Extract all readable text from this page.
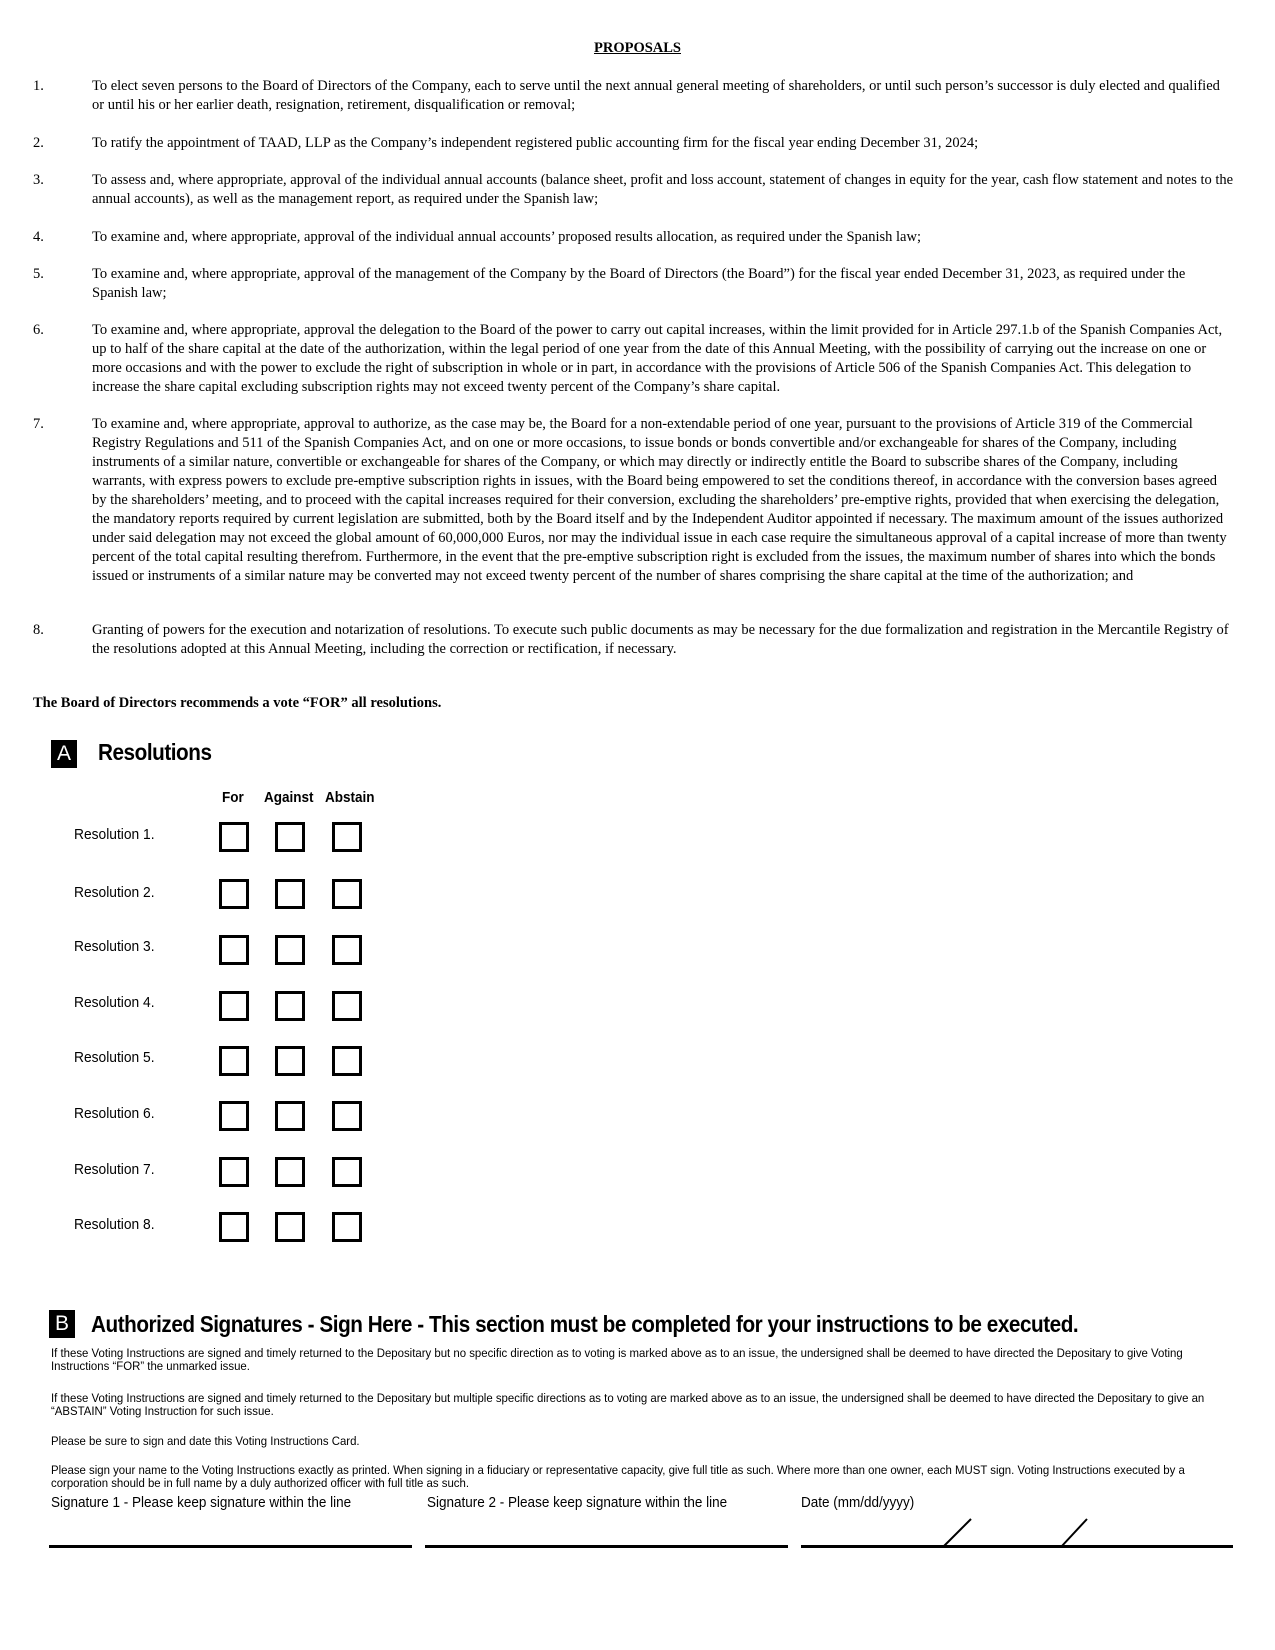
PROPOSALS
1.	To elect seven persons to the Board of Directors of the Company, each to serve until the next annual general meeting of shareholders, or until such person’s successor is duly elected and qualified or until his or her earlier death, resignation, retirement, disqualification or removal;
2.	To ratify the appointment of TAAD, LLP as the Company’s independent registered public accounting firm for the fiscal year ending December 31, 2024;
3.	To assess and, where appropriate, approval of the individual annual accounts (balance sheet, profit and loss account, statement of changes in equity for the year, cash flow statement and notes to the annual accounts), as well as the management report, as required under the Spanish law;
4.	To examine and, where appropriate, approval of the individual annual accounts’ proposed results allocation, as required under the Spanish law;
5.	To examine and, where appropriate, approval of the management of the Company by the Board of Directors (the Board”) for the fiscal year ended December 31, 2023, as required under the Spanish law;
6.	To examine and, where appropriate, approval the delegation to the Board of the power to carry out capital increases, within the limit provided for in Article 297.1.b of the Spanish Companies Act, up to half of the share capital at the date of the authorization, within the legal period of one year from the date of this Annual Meeting, with the possibility of carrying out the increase on one or more occasions and with the power to exclude the right of subscription in whole or in part, in accordance with the provisions of Article 506 of the Spanish Companies Act. This delegation to increase the share capital excluding subscription rights may not exceed twenty percent of the Company’s share capital.
7.	To examine and, where appropriate, approval to authorize, as the case may be, the Board for a non-extendable period of one year, pursuant to the provisions of Article 319 of the Commercial Registry Regulations and 511 of the Spanish Companies Act, and on one or more occasions, to issue bonds or bonds convertible and/or exchangeable for shares of the Company, including instruments of a similar nature, convertible or exchangeable for shares of the Company, or which may directly or indirectly entitle the Board to subscribe shares of the Company, including warrants, with express powers to exclude pre-emptive subscription rights in issues, with the Board being empowered to set the conditions thereof, in accordance with the conversion bases agreed by the shareholders’ meeting, and to proceed with the capital increases required for their conversion, excluding the shareholders’ pre-emptive rights, provided that when exercising the delegation, the mandatory reports required by current legislation are submitted, both by the Board itself and by the Independent Auditor appointed if necessary. The maximum amount of the issues authorized under said delegation may not exceed the global amount of 60,000,000 Euros, nor may the individual issue in each case require the simultaneous approval of a capital increase of more than twenty percent of the total capital resulting therefrom. Furthermore, in the event that the pre-emptive subscription right is excluded from the issues, the maximum number of shares into which the bonds issued or instruments of a similar nature may be converted may not exceed twenty percent of the number of shares comprising the share capital at the time of the authorization; and
8.	Granting of powers for the execution and notarization of resolutions. To execute such public documents as may be necessary for the due formalization and registration in the Mercantile Registry of the resolutions adopted at this Annual Meeting, including the correction or rectification, if necessary.
The Board of Directors recommends a vote “FOR” all resolutions.
A Resolutions
For Against Abstain
Resolution 1.
Resolution 2.
Resolution 3.
Resolution 4.
Resolution 5.
Resolution 6.
Resolution 7.
Resolution 8.
B Authorized Signatures - Sign Here - This section must be completed for your instructions to be executed.
If these Voting Instructions are signed and timely returned to the Depositary but no specific direction as to voting is marked above as to an issue, the undersigned shall be deemed to have directed the Depositary to give Voting Instructions “FOR” the unmarked issue.
If these Voting Instructions are signed and timely returned to the Depositary but multiple specific directions as to voting are marked above as to an issue, the undersigned shall be deemed to have directed the Depositary to give an “ABSTAIN” Voting Instruction for such issue.
Please be sure to sign and date this Voting Instructions Card.
Please sign your name to the Voting Instructions exactly as printed. When signing in a fiduciary or representative capacity, give full title as such. Where more than one owner, each MUST sign. Voting Instructions executed by a corporation should be in full name by a duly authorized officer with full title as such.
Signature 1 - Please keep signature within the line	Signature 2 - Please keep signature within the line	Date (mm/dd/yyyy)
